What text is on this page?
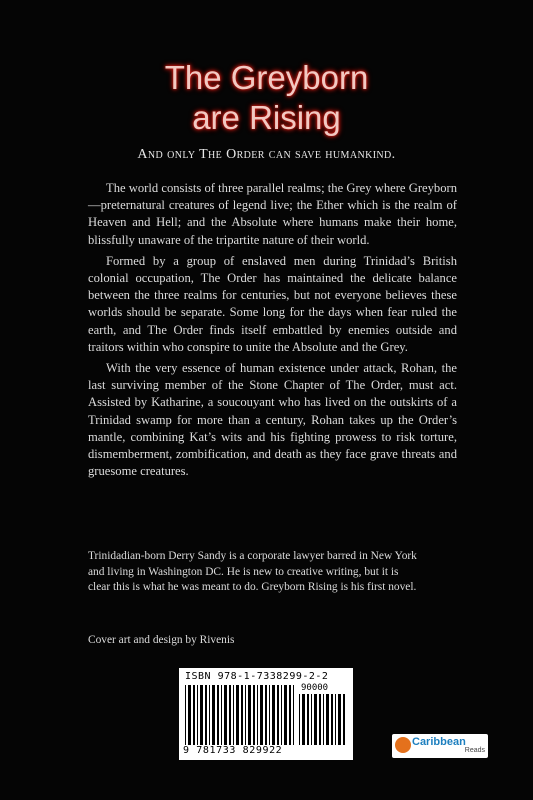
The Greyborn
are Rising
And only The Order can save humankind.

The world consists of three parallel realms; the Grey where Greyborn—preternatural creatures of legend live; the Ether which is the realm of Heaven and Hell; and the Absolute where humans make their home, blissfully unaware of the tripartite nature of their world.

Formed by a group of enslaved men during Trinidad’s British colonial occupation, The Order has maintained the delicate balance between the three realms for centuries, but not everyone believes these worlds should be separate. Some long for the days when fear ruled the earth, and The Order finds itself embattled by enemies outside and traitors within who conspire to unite the Absolute and the Grey.

With the very essence of human existence under attack, Rohan, the last surviving member of the Stone Chapter of The Order, must act. Assisted by Katharine, a soucouyant who has lived on the outskirts of a Trinidad swamp for more than a century, Rohan takes up the Order’s mantle, combining Kat’s wits and his fighting prowess to risk torture, dismemberment, zombification, and death as they face grave threats and gruesome creatures.

Trinidadian-born Derry Sandy is a corporate lawyer barred in New York and living in Washington DC. He is new to creative writing, but it is clear this is what he was meant to do. Greyborn Rising is his first novel.
Cover art and design by Rivenis
ISBN 978-1-7338299-2-2
90000
9 781733 829922
Caribbean
Reads
